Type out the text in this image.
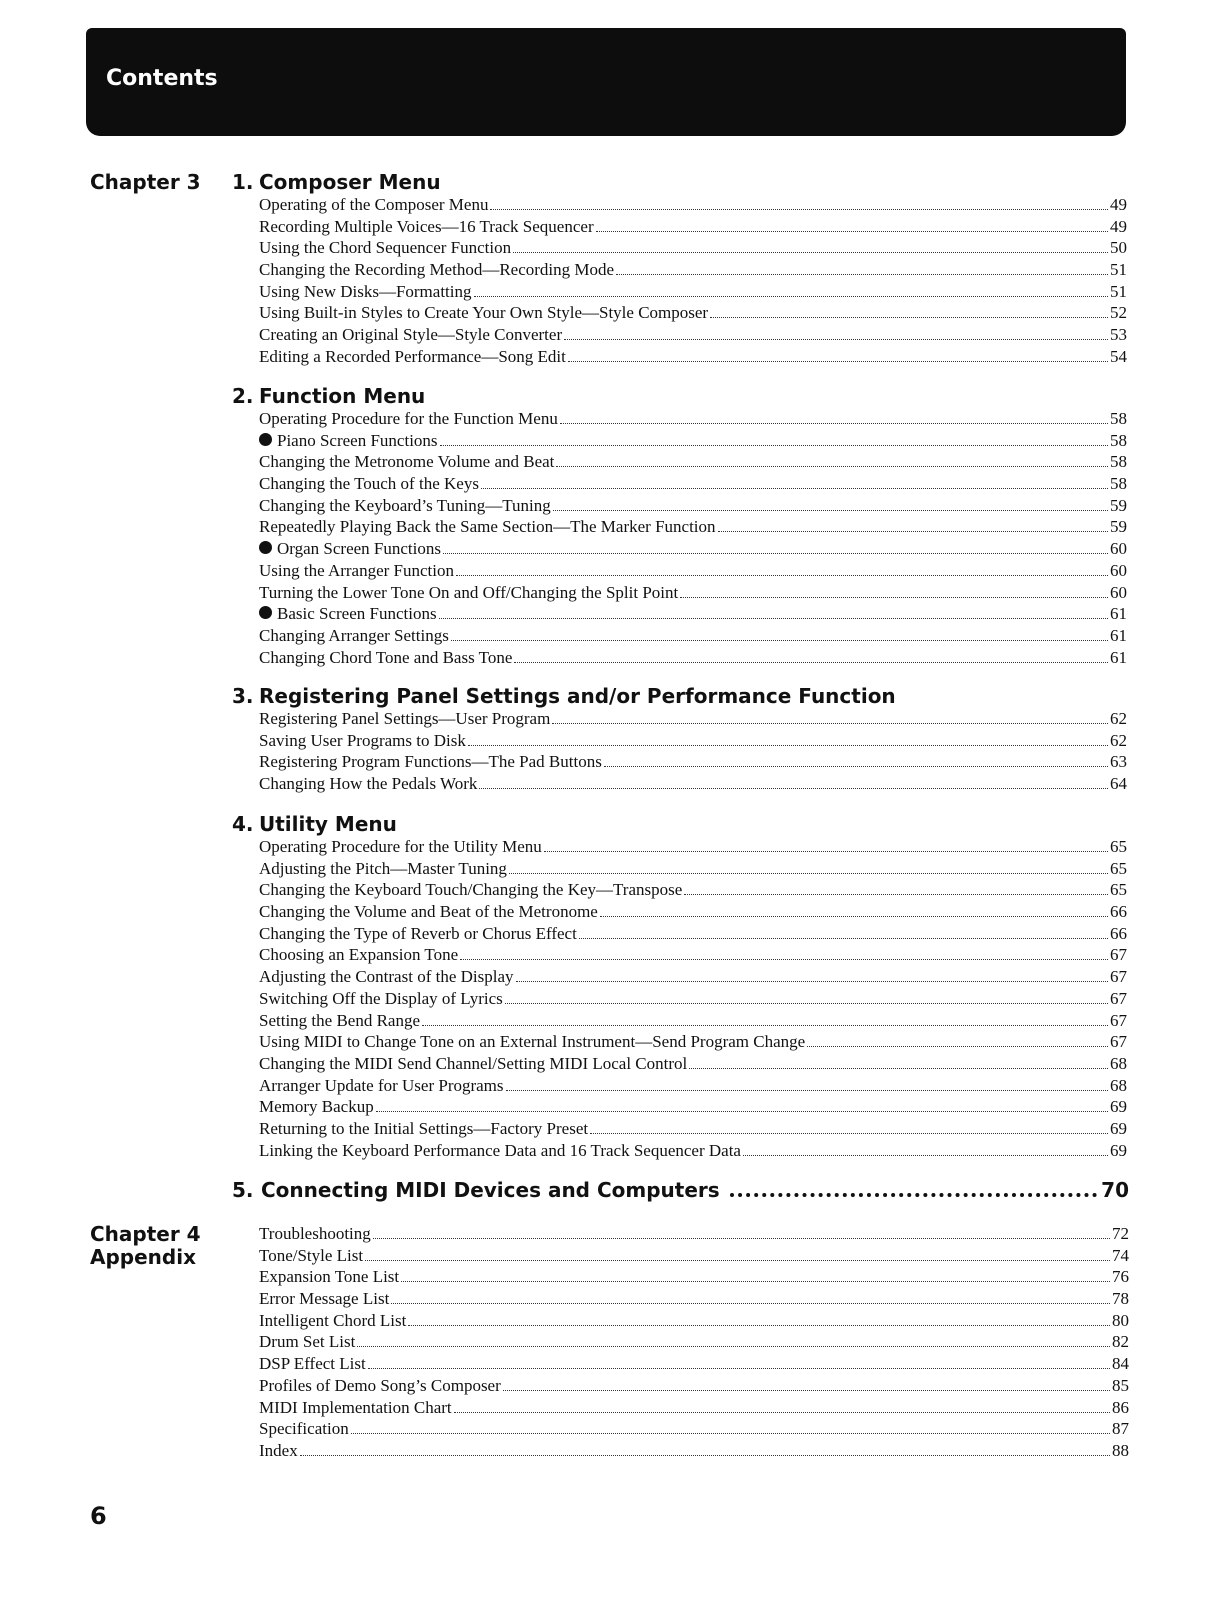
Contents
Chapter 3	1. Composer Menu
Operating of the Composer Menu	49
Recording Multiple Voices—16 Track Sequencer	49
Using the Chord Sequencer Function	50
Changing the Recording Method—Recording Mode	51
Using New Disks—Formatting	51
Using Built-in Styles to Create Your Own Style—Style Composer	52
Creating an Original Style—Style Converter	53
Editing a Recorded Performance—Song Edit	54
2. Function Menu
Operating Procedure for the Function Menu	58
Piano Screen Functions	58
Changing the Metronome Volume and Beat	58
Changing the Touch of the Keys	58
Changing the Keyboard’s Tuning—Tuning	59
Repeatedly Playing Back the Same Section—The Marker Function	59
Organ Screen Functions	60
Using the Arranger Function	60
Turning the Lower Tone On and Off/Changing the Split Point	60
Basic Screen Functions	61
Changing Arranger Settings	61
Changing Chord Tone and Bass Tone	61
3. Registering Panel Settings and/or Performance Function
Registering Panel Settings—User Program	62
Saving User Programs to Disk	62
Registering Program Functions—The Pad Buttons	63
Changing How the Pedals Work	64
4. Utility Menu
Operating Procedure for the Utility Menu	65
Adjusting the Pitch—Master Tuning	65
Changing the Keyboard Touch/Changing the Key—Transpose	65
Changing the Volume and Beat of the Metronome	66
Changing the Type of Reverb or Chorus Effect	66
Choosing an Expansion Tone	67
Adjusting the Contrast of the Display	67
Switching Off the Display of Lyrics	67
Setting the Bend Range	67
Using MIDI to Change Tone on an External Instrument—Send Program Change	67
Changing the MIDI Send Channel/Setting MIDI Local Control	68
Arranger Update for User Programs	68
Memory Backup	69
Returning to the Initial Settings—Factory Preset	69
Linking the Keyboard Performance Data and 16 Track Sequencer Data	69
5. Connecting MIDI Devices and Computers	70
Chapter 4
Appendix
Troubleshooting	72
Tone/Style List	74
Expansion Tone List	76
Error Message List	78
Intelligent Chord List	80
Drum Set List	82
DSP Effect List	84
Profiles of Demo Song’s Composer	85
MIDI Implementation Chart	86
Specification	87
Index	88
6
